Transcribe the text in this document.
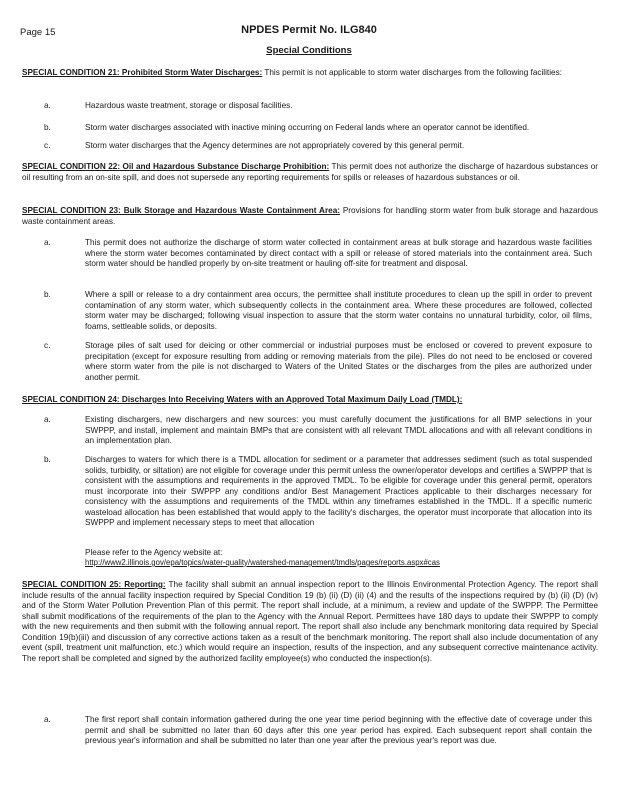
Page 15	NPDES Permit No. ILG840
Special Conditions
SPECIAL CONDITION 21: Prohibited Storm Water Discharges: This permit is not applicable to storm water discharges from the following facilities:
a.	Hazardous waste treatment, storage or disposal facilities.
b.	Storm water discharges associated with inactive mining occurring on Federal lands where an operator cannot be identified.
c.	Storm water discharges that the Agency determines are not appropriately covered by this general permit.
SPECIAL CONDITION 22: Oil and Hazardous Substance Discharge Prohibition: This permit does not authorize the discharge of hazardous substances or oil resulting from an on-site spill, and does not supersede any reporting requirements for spills or releases of hazardous substances or oil.
SPECIAL CONDITION 23: Bulk Storage and Hazardous Waste Containment Area: Provisions for handling storm water from bulk storage and hazardous waste containment areas.
a.	This permit does not authorize the discharge of storm water collected in containment areas at bulk storage and hazardous waste facilities where the storm water becomes contaminated by direct contact with a spill or release of stored materials into the containment area. Such storm water should be handled properly by on-site treatment or hauling off-site for treatment and disposal.
b.	Where a spill or release to a dry containment area occurs, the permittee shall institute procedures to clean up the spill in order to prevent contamination of any storm water, which subsequently collects in the containment area. Where these procedures are followed, collected storm water may be discharged; following visual inspection to assure that the storm water contains no unnatural turbidity, color, oil films, foams, settleable solids, or deposits.
c.	Storage piles of salt used for deicing or other commercial or industrial purposes must be enclosed or covered to prevent exposure to precipitation (except for exposure resulting from adding or removing materials from the pile). Piles do not need to be enclosed or covered where storm water from the pile is not discharged to Waters of the United States or the discharges from the piles are authorized under another permit.
SPECIAL CONDITION 24: Discharges Into Receiving Waters with an Approved Total Maximum Daily Load (TMDL):
a.	Existing dischargers, new dischargers and new sources: you must carefully document the justifications for all BMP selections in your SWPPP, and install, implement and maintain BMPs that are consistent with all relevant TMDL allocations and with all relevant conditions in an implementation plan.
b.	Discharges to waters for which there is a TMDL allocation for sediment or a parameter that addresses sediment (such as total suspended solids, turbidity, or siltation) are not eligible for coverage under this permit unless the owner/operator develops and certifies a SWPPP that is consistent with the assumptions and requirements in the approved TMDL. To be eligible for coverage under this general permit, operators must incorporate into their SWPPP any conditions and/or Best Management Practices applicable to their discharges necessary for consistency with the assumptions and requirements of the TMDL within any timeframes established in the TMDL. If a specific numeric wasteload allocation has been established that would apply to the facility's discharges, the operator must incorporate that allocation into its SWPPP and implement necessary steps to meet that allocation
Please refer to the Agency website at:
http://www2.illinois.gov/epa/topics/water-quality/watershed-management/tmdls/pages/reports.aspx#cas
SPECIAL CONDITION 25: Reporting: The facility shall submit an annual inspection report to the Illinois Environmental Protection Agency. The report shall include results of the annual facility inspection required by Special Condition 19 (b) (ii) (D) (ii) (4) and the results of the inspections required by (b) (ii) (D) (iv) and of the Storm Water Pollution Prevention Plan of this permit. The report shall include, at a minimum, a review and update of the SWPPP. The Permittee shall submit modifications of the requirements of the plan to the Agency with the Annual Report. Permittees have 180 days to update their SWPPP to comply with the new requirements and then submit with the following annual report. The report shall also include any benchmark monitoring data required by Special Condition 19(b)(iii) and discussion of any corrective actions taken as a result of the benchmark monitoring. The report shall also include documentation of any event (spill, treatment unit malfunction, etc.) which would require an inspection, results of the inspection, and any subsequent corrective maintenance activity. The report shall be completed and signed by the authorized facility employee(s) who conducted the inspection(s).
a.	The first report shall contain information gathered during the one year time period beginning with the effective date of coverage under this permit and shall be submitted no later than 60 days after this one year period has expired. Each subsequent report shall contain the previous year's information and shall be submitted no later than one year after the previous year's report was due.
